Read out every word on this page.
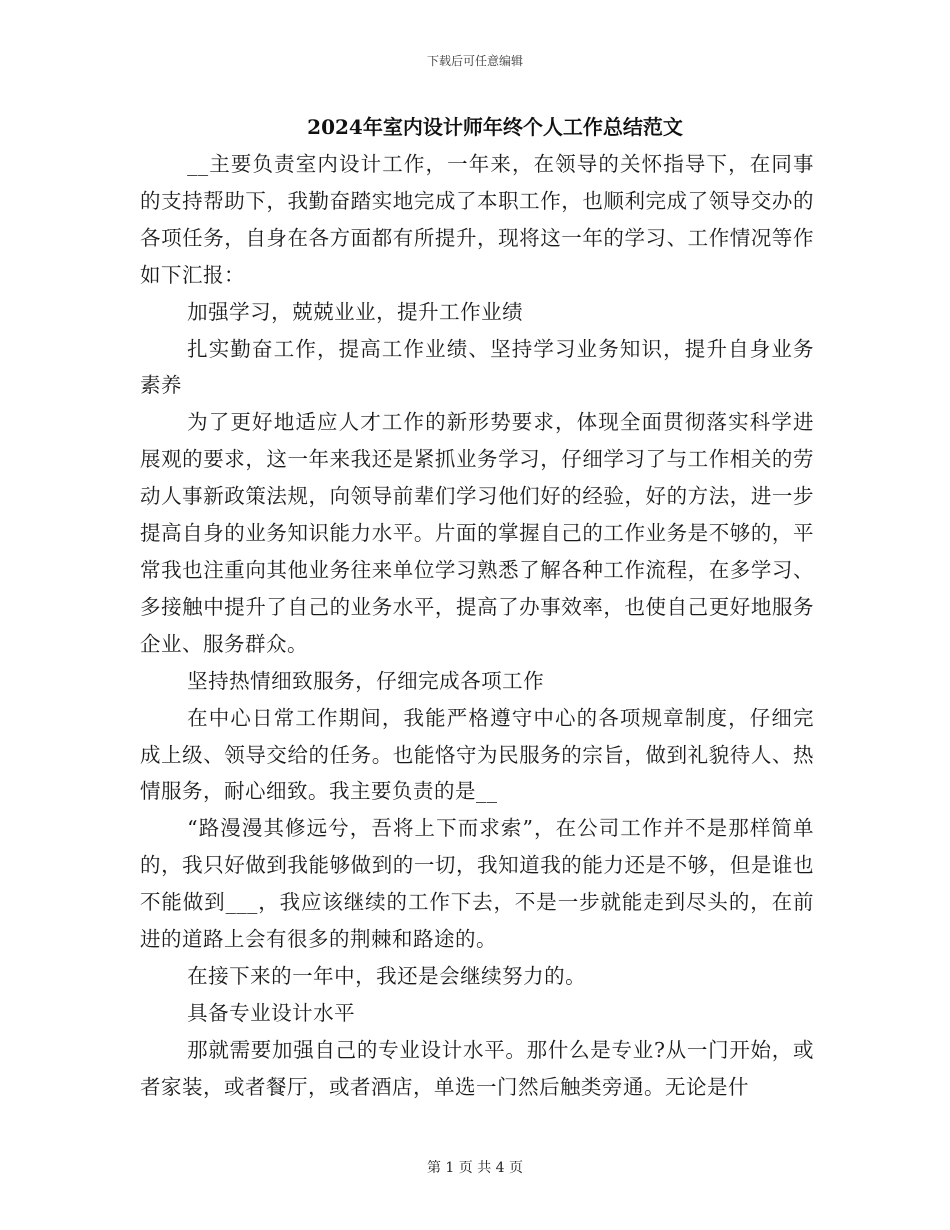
下载后可任意编辑
2024年室内设计师年终个人工作总结范文

__主要负责室内设计工作，一年来，在领导的关怀指导下，在同事的支持帮助下，我勤奋踏实地完成了本职工作，也顺利完成了领导交办的各项任务，自身在各方面都有所提升，现将这一年的学习、工作情况等作如下汇报：

加强学习，兢兢业业，提升工作业绩

扎实勤奋工作，提高工作业绩、坚持学习业务知识，提升自身业务素养

为了更好地适应人才工作的新形势要求，体现全面贯彻落实科学进展观的要求，这一年来我还是紧抓业务学习，仔细学习了与工作相关的劳动人事新政策法规，向领导前辈们学习他们好的经验，好的方法，进一步提高自身的业务知识能力水平。片面的掌握自己的工作业务是不够的，平常我也注重向其他业务往来单位学习熟悉了解各种工作流程，在多学习、多接触中提升了自己的业务水平，提高了办事效率，也使自己更好地服务企业、服务群众。

坚持热情细致服务，仔细完成各项工作

在中心日常工作期间，我能严格遵守中心的各项规章制度，仔细完成上级、领导交给的任务。也能恪守为民服务的宗旨，做到礼貌待人、热情服务，耐心细致。我主要负责的是__

“路漫漫其修远兮，吾将上下而求索”，在公司工作并不是那样简单的，我只好做到我能够做到的一切，我知道我的能力还是不够，但是谁也不能做到___，我应该继续的工作下去，不是一步就能走到尽头的，在前进的道路上会有很多的荆棘和路途的。

在接下来的一年中，我还是会继续努力的。

具备专业设计水平

那就需要加强自己的专业设计水平。那什么是专业?从一门开始，或者家装，或者餐厅，或者酒店，单选一门然后触类旁通。无论是什

第 1 页 共 4 页
